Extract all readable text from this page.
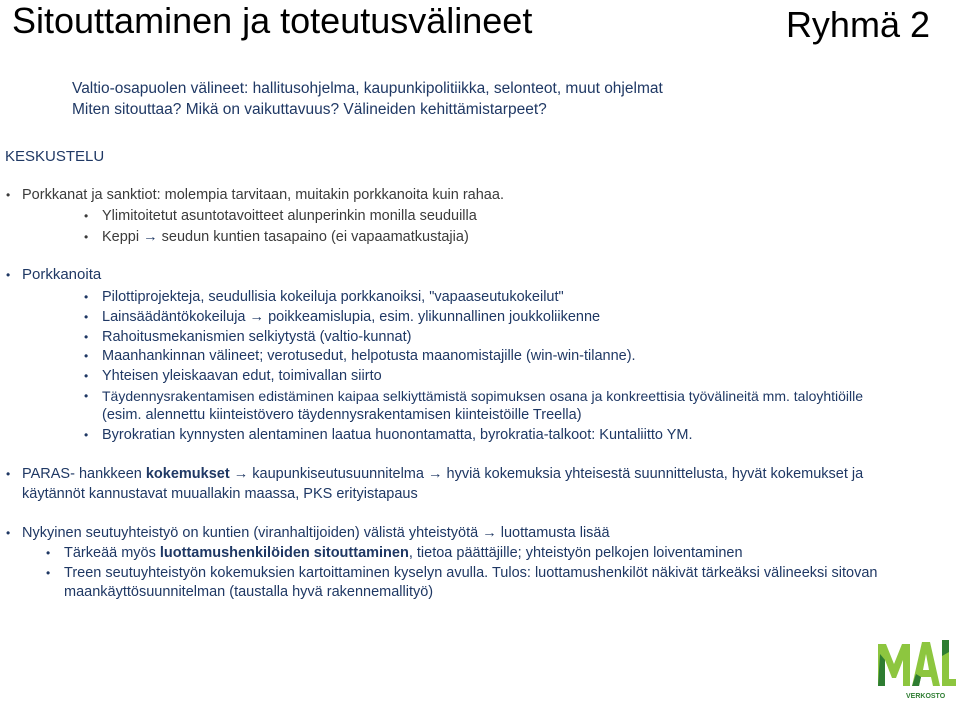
Sitouttaminen ja toteutusvälineet	Ryhmä 2
Valtio-osapuolen välineet: hallitusohjelma, kaupunkipolitiikka, selonteot, muut ohjelmat
Miten sitouttaa? Mikä on vaikuttavuus? Välineiden kehittämistarpeet?
KESKUSTELU
• Porkkanat ja sanktiot: molempia tarvitaan, muitakin porkkanoita kuin rahaa.
• Ylimitoitetut asuntotavoitteet alunperinkin monilla seuduilla
• Keppi → seudun kuntien tasapaino (ei vapaamatkustajia)
• Porkkanoita
• Pilottiprojekteja, seudullisia kokeiluja porkkanoiksi, "vapaaseutukokeilut"
• Lainsäädäntökokeiluja → poikkeamislupia, esim. ylikunnallinen joukkoliikenne
• Rahoitusmekanismien selkiytystä (valtio-kunnat)
• Maanhankinnan välineet; verotusedut, helpotusta maanomistajille (win-win-tilanne).
• Yhteisen yleiskaavan edut, toimivallan siirto
• Täydennysrakentamisen edistäminen kaipaa selkiyttämistä sopimuksen osana ja konkreettisia työvälineitä mm. taloyhtiöille
(esim. alennettu kiinteistövero täydennysrakentamisen kiinteistöille Treella)
• Byrokratian kynnysten alentaminen laatua huonontamatta, byrokratia-talkoot: Kuntaliitto YM.
• PARAS- hankkeen kokemukset → kaupunkiseutusuunnitelma → hyviä kokemuksia yhteisestä suunnittelusta, hyvät kokemukset ja
käytännöt kannustavat muuallakin maassa, PKS erityistapaus
• Nykyinen seutuyhteistyö on kuntien (viranhaltijoiden) välistä yhteistyötä → luottamusta lisää
• Tärkeää myös luottamushenkilöiden sitouttaminen, tietoa päättäjille; yhteistyön pelkojen loiventaminen
• Treen seutuyhteistyön kokemuksien kartoittaminen kyselyn avulla. Tulos: luottamushenkilöt näkivät tärkeäksi välineeksi sitovan
maankäyttösuunnitelman (taustalla hyvä rakennemallityö)
VERKOSTO
